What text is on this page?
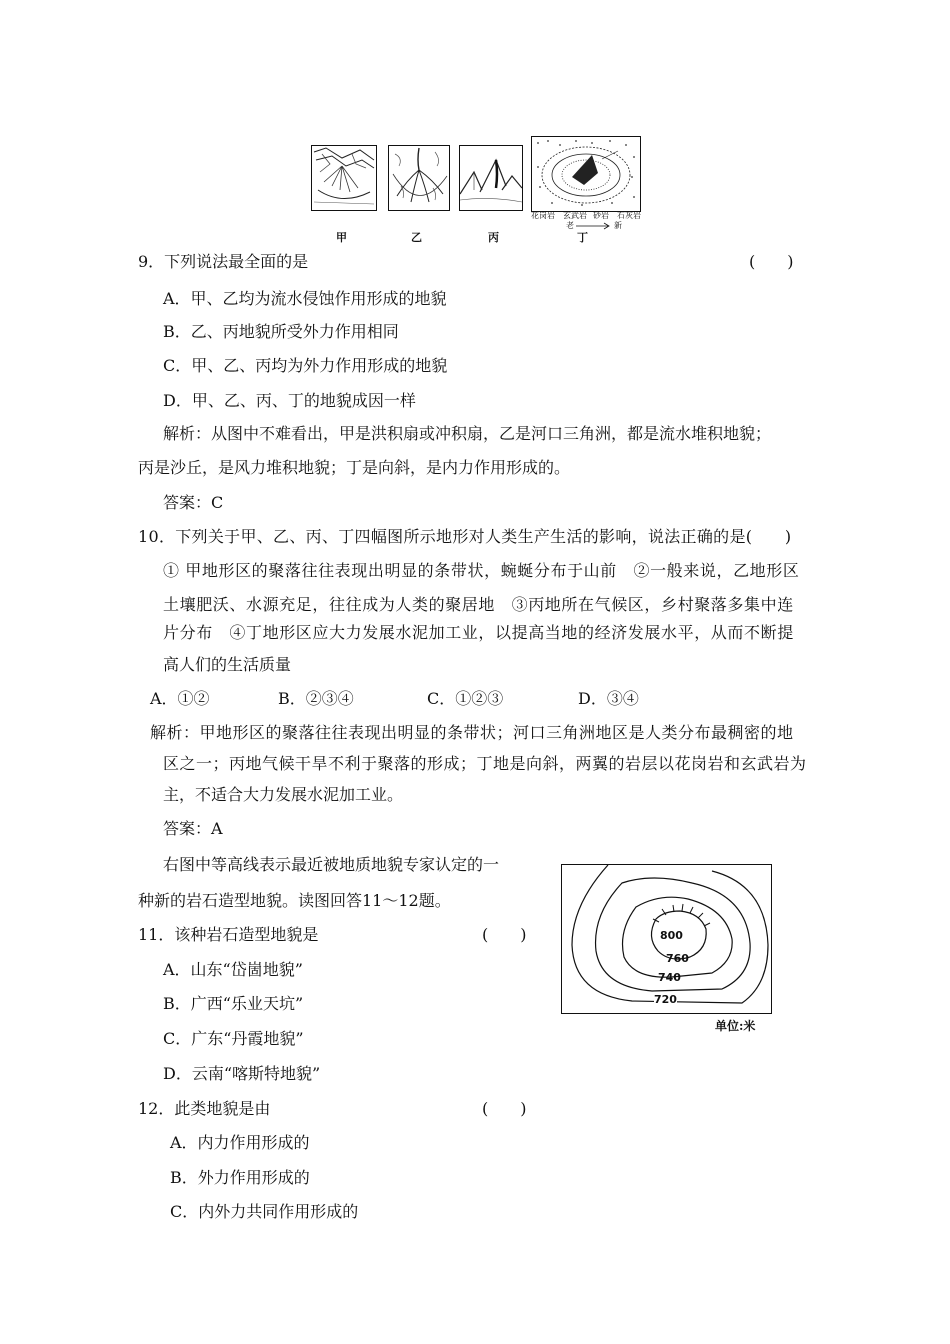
花岗岩 玄武岩 砂岩 石灰岩
老	新
甲	乙	丙	丁
9．下列说法最全面的是	(　　)
A．甲、乙均为流水侵蚀作用形成的地貌
B．乙、丙地貌所受外力作用相同
C．甲、乙、丙均为外力作用形成的地貌
D．甲、乙、丙、丁的地貌成因一样
解析：从图中不难看出，甲是洪积扇或冲积扇，乙是河口三角洲，都是流水堆积地貌；
丙是沙丘，是风力堆积地貌；丁是向斜，是内力作用形成的。
答案：C
10．下列关于甲、乙、丙、丁四幅图所示地形对人类生产生活的影响，说法正确的是(　　)
① 甲地形区的聚落往往表现出明显的条带状，蜿蜒分布于山前　②一般来说，乙地形区
土壤肥沃、水源充足，往往成为人类的聚居地　③丙地所在气候区，乡村聚落多集中连
片分布　④丁地形区应大力发展水泥加工业，以提高当地的经济发展水平，从而不断提
高人们的生活质量
A．①②	B．②③④	C．①②③	D．③④
解析：甲地形区的聚落往往表现出明显的条带状；河口三角洲地区是人类分布最稠密的地
区之一；丙地气候干旱不利于聚落的形成；丁地是向斜，两翼的岩层以花岗岩和玄武岩为
主，不适合大力发展水泥加工业。
答案：A
右图中等高线表示最近被地质地貌专家认定的一
种新的岩石造型地貌。读图回答11～12题。
800
760
740
720
单位:米
11．该种岩石造型地貌是	(　　)
A．山东“岱崮地貌”
B．广西“乐业天坑”
C．广东“丹霞地貌”
D．云南“喀斯特地貌”
12．此类地貌是由	(　　)
A．内力作用形成的
B．外力作用形成的
C．内外力共同作用形成的
